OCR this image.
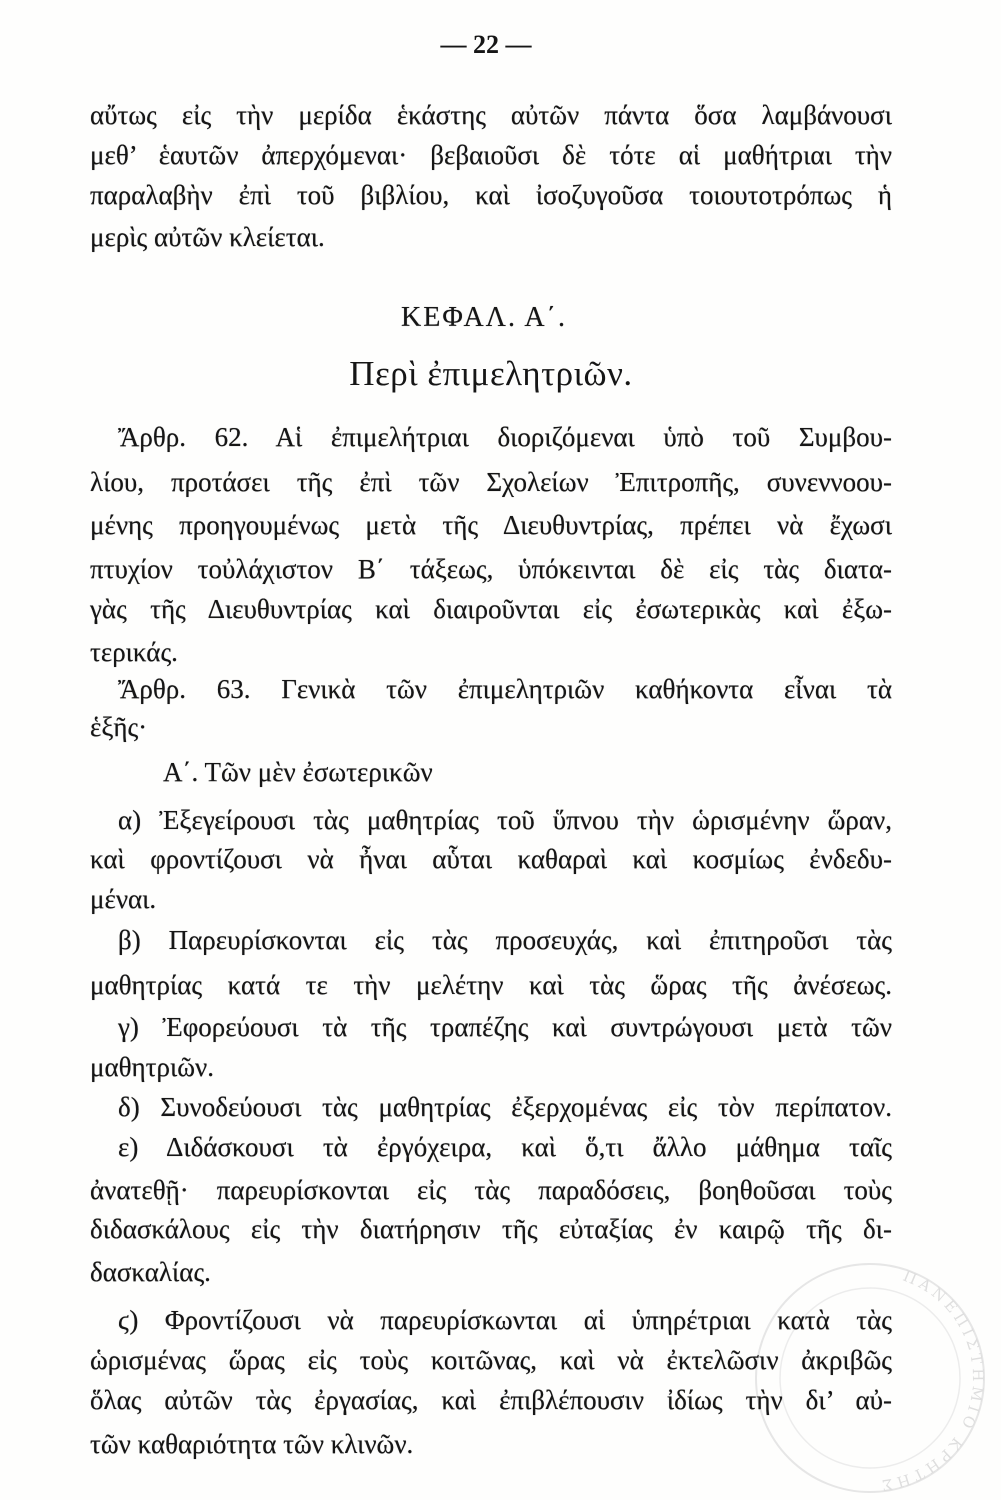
ΠΑΝΕΠΙΣΤΗΜΙΟ ΚΡΗΤΗΣ
— 22 —
αὔτως εἰς τὴν μερίδα ἑκάστης αὐτῶν πάντα ὅσα λαμβάνουσι
μεθ’ ἑαυτῶν ἀπερχόμεναι· βεβαιοῦσι δὲ τότε αἱ μαθήτριαι τὴν
παραλαβὴν ἐπὶ τοῦ βιβλίου, καὶ ἰσοζυγοῦσα τοιουτοτρόπως ἡ
μερὶς αὐτῶν κλείεται.
ΚΕΦΑΛ. Α΄.
Περὶ ἐπιμελητριῶν.
Ἄρθρ. 62. Αἱ ἐπιμελήτριαι διοριζόμεναι ὑπὸ τοῦ Συμβου-
λίου, προτάσει τῆς ἐπὶ τῶν Σχολείων Ἐπιτροπῆς, συνεννοου-
μένης προηγουμένως μετὰ τῆς Διευθυντρίας, πρέπει νὰ ἔχωσι
πτυχίον τοὐλάχιστον Β΄ τάξεως, ὑπόκεινται δὲ εἰς τὰς διατα-
γὰς τῆς Διευθυντρίας καὶ διαιροῦνται εἰς ἐσωτερικὰς καὶ ἐξω-
τερικάς.
Ἄρθρ. 63. Γενικὰ τῶν ἐπιμελητριῶν καθήκοντα εἶναι τὰ
ἑξῆς·
Α΄. Τῶν μὲν ἐσωτερικῶν
α) Ἐξεγείρουσι τὰς μαθητρίας τοῦ ὕπνου τὴν ὡρισμένην ὥραν,
καὶ φροντίζουσι νὰ ἦναι αὗται καθαραὶ καὶ κοσμίως ἐνδεδυ-
μέναι.
β) Παρευρίσκονται εἰς τὰς προσευχάς, καὶ ἐπιτηροῦσι τὰς
μαθητρίας κατά τε τὴν μελέτην καὶ τὰς ὥρας τῆς ἀνέσεως.
γ) Ἐφορεύουσι τὰ τῆς τραπέζης καὶ συντρώγουσι μετὰ τῶν
μαθητριῶν.
δ) Συνοδεύουσι τὰς μαθητρίας ἐξερχομένας εἰς τὸν περίπατον.
ε) Διδάσκουσι τὰ ἐργόχειρα, καὶ ὅ,τι ἄλλο μάθημα ταῖς
ἀνατεθῇ· παρευρίσκονται εἰς τὰς παραδόσεις, βοηθοῦσαι τοὺς
διδασκάλους εἰς τὴν διατήρησιν τῆς εὐταξίας ἐν καιρῷ τῆς δι-
δασκαλίας.
ϛ) Φροντίζουσι νὰ παρευρίσκωνται αἱ ὑπηρέτριαι κατὰ τὰς
ὡρισμένας ὥρας εἰς τοὺς κοιτῶνας, καὶ νὰ ἐκτελῶσιν ἀκριβῶς
ὅλας αὐτῶν τὰς ἐργασίας, καὶ ἐπιβλέπουσιν ἰδίως τὴν δι’ αὐ-
τῶν καθαριότητα τῶν κλινῶν.
